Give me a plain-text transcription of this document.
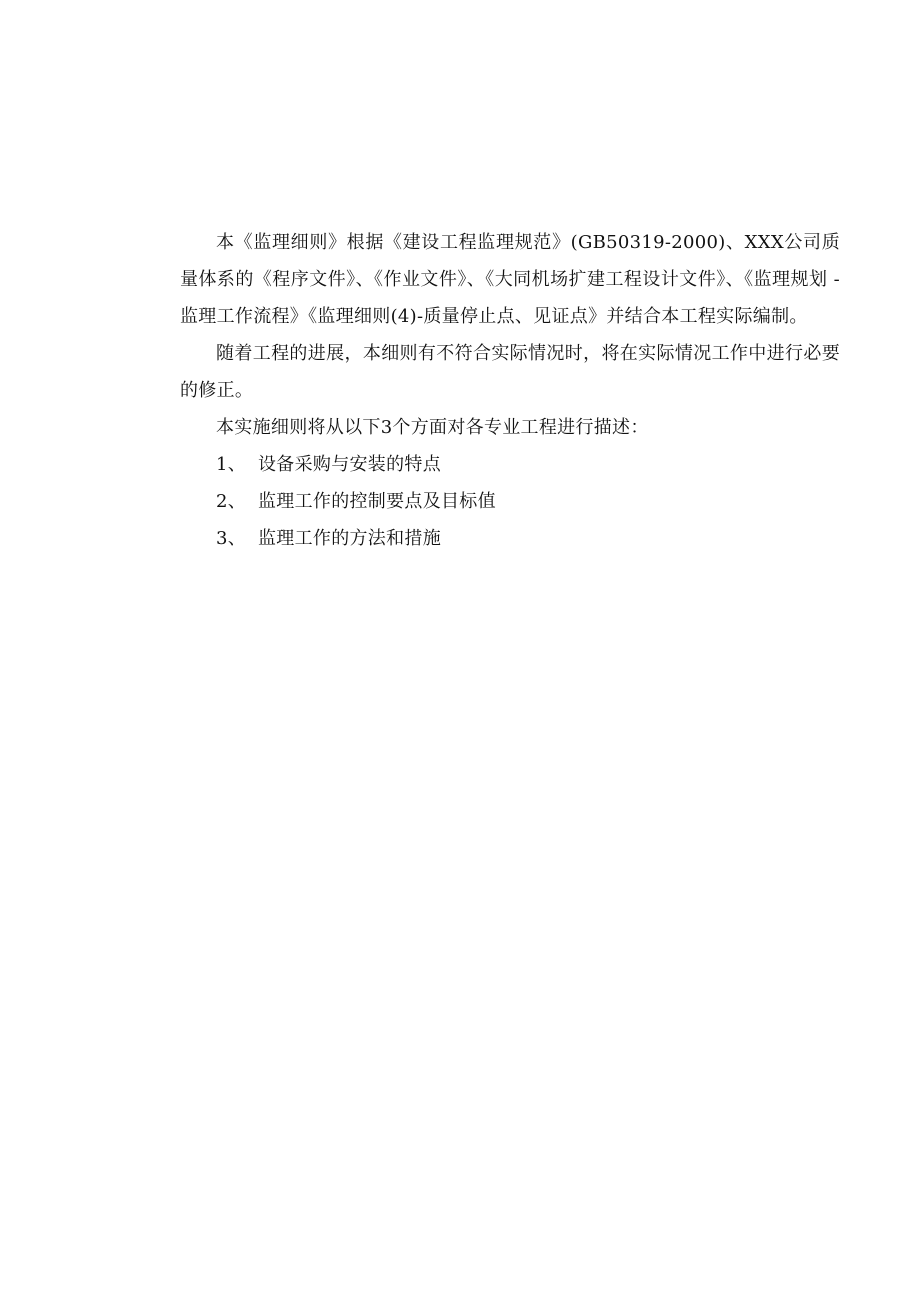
本《监理细则》根据《建设工程监理规范》(GB50319-2000)、XXX公司质 量体系的《程序文件》、《作业文件》、《大同机场扩建工程设计文件》、《监理规划 -监理工作流程》《监理细则(4)-质量停止点、见证点》并结合本工程实际编制。

随着工程的进展，本细则有不符合实际情况时，将在实际情况工作中进行必要的修正。

本实施细则将从以下3个方面对各专业工程进行描述：

1、 设备采购与安装的特点
2、 监理工作的控制要点及目标值
3、 监理工作的方法和措施
